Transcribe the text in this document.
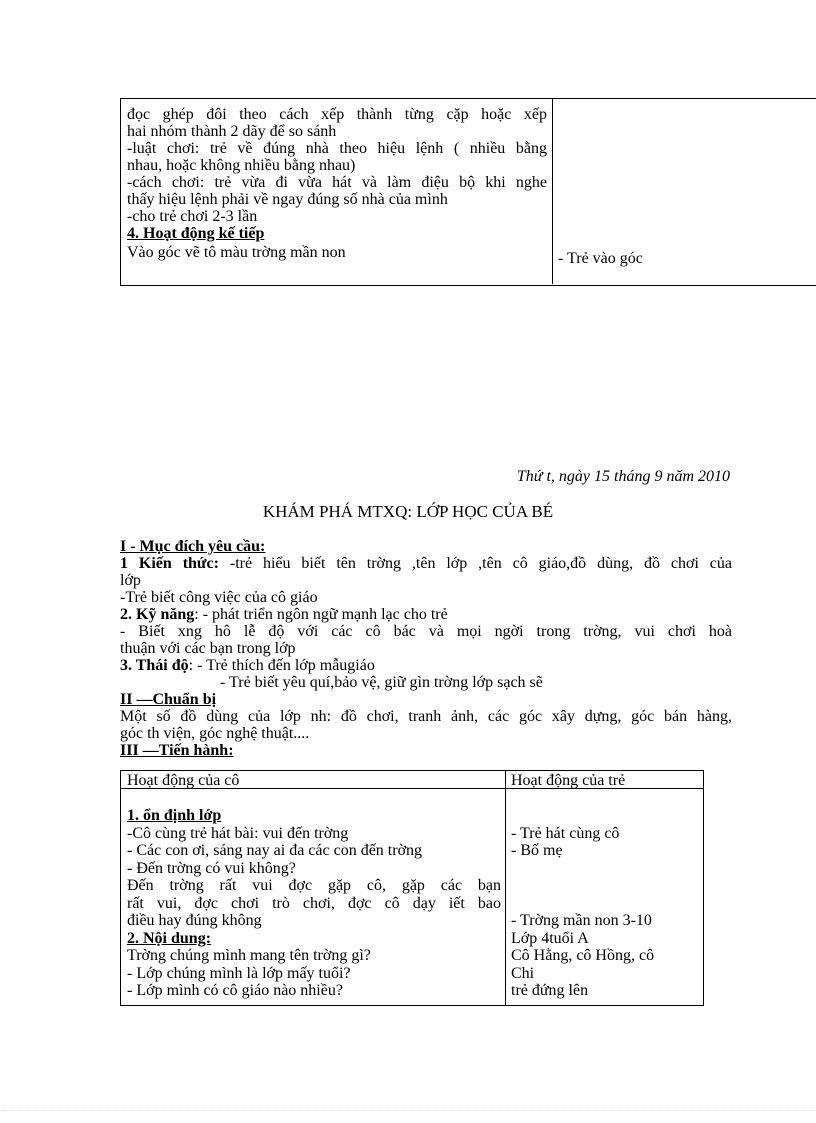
đọc ghép đôi theo cách xếp thành từng cặp hoặc xếp
hai nhóm thành 2 dãy để so sánh
-luật chơi: trẻ về đúng nhà theo hiệu lệnh ( nhiều bằng
nhau, hoặc không nhiều bằng nhau)
-cách chơi: trẻ vừa đi vừa hát và làm điệu bộ khi nghe
thấy hiệu lệnh phải về ngay đúng số nhà của mình
-cho trẻ chơi 2-3 lần
4. Hoạt động kế tiếp
Vào góc vẽ tô màu trờng mần non	- Trẻ vào góc
Thứ t, ngày 15 tháng 9 năm 2010
KHÁM PHÁ MTXQ: LỚP HỌC CỦA BÉ
I - Mục đích yêu cầu:
1 Kiến thức: -trẻ hiểu biết tên trờng ,tên lớp ,tên cô giáo,đồ dùng, đồ chơi của
lớp
-Trẻ biết công việc của cô giáo
2. Kỹ năng: - phát triển ngôn ngữ mạnh lạc cho trẻ
- Biết xng hô lễ độ với các cô bác và mọi ngời trong trờng, vui chơi hoà
thuận với các bạn trong lớp
3. Thái độ: - Trẻ thích đến lớp mẫugiáo
- Trẻ biết yêu quí,bảo vệ, giữ gìn trờng lớp sạch sẽ
II —Chuẩn bị
Một số đồ dùng của lớp nh: đồ chơi, tranh ảnh, các góc xây dựng, góc bán hàng,
góc th viện, góc nghệ thuật....
III —Tiến hành:
Hoạt động của cô
1. ổn định lớp
-Cô cùng trẻ hát bài: vui đến trờng
- Các con ơi, sáng nay ai đa các con đến trờng
- Đến trờng có vui không?
Đến trờng rất vui đợc gặp cô, gặp các bạn
rất vui, đợc chơi trò chơi, đợc cô dạy iết bao
điều hay đúng không
2. Nội dung:
Trờng chúng mình mang tên trờng gì?
- Lớp chúng mình là lớp mấy tuổi?
- Lớp mình có cô giáo nào nhiều?
Hoạt động của trẻ
- Trẻ hát cùng cô
- Bố mẹ
- Trờng mần non 3-10
Lớp 4tuổi A
Cô Hằng, cô Hồng, cô
Chi
trẻ đứng lên
